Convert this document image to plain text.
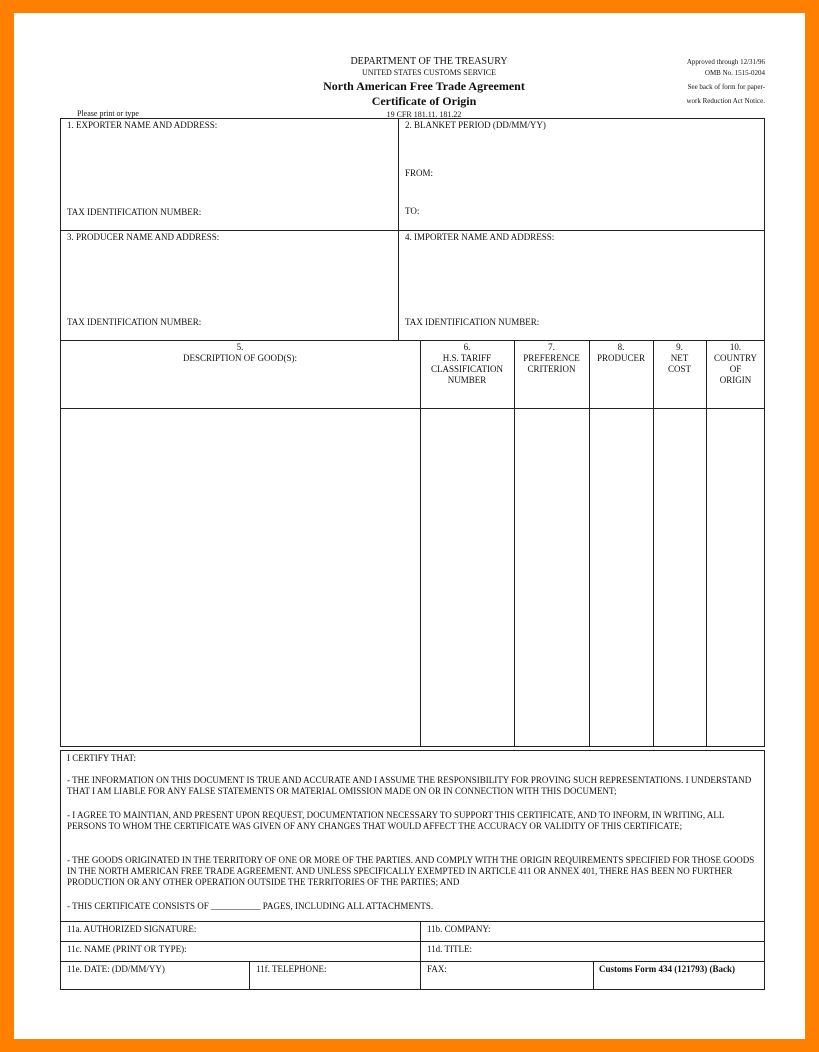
DEPARTMENT OF THE TREASURY
UNITED STATES CUSTOMS SERVICE
North American Free Trade Agreement
Certificate of Origin
19 CFR 181.11. 181.22
Please print or type
Approved through 12/31/96
OMB No. 1515-0204
See back of form for paper-
work Reduction Act Notice.
1. EXPORTER NAME AND ADDRESS:
TAX IDENTIFICATION NUMBER:
2. BLANKET PERIOD (DD/MM/YY)
FROM:
TO:
3. PRODUCER NAME AND ADDRESS:
TAX IDENTIFICATION NUMBER:
4. IMPORTER NAME AND ADDRESS:
TAX IDENTIFICATION NUMBER:
5.
DESCRIPTION OF GOOD(S):
6.
H.S. TARIFF
CLASSIFICATION
NUMBER
7.
PREFERENCE
CRITERION
8.
PRODUCER
9.
NET
COST
10.
COUNTRY
OF
ORIGIN
I CERTIFY THAT:
- THE INFORMATION ON THIS DOCUMENT IS TRUE AND ACCURATE AND I ASSUME THE RESPONSIBILITY FOR PROVING SUCH REPRESENTATIONS. I UNDERSTAND THAT I AM LIABLE FOR ANY FALSE STATEMENTS OR MATERIAL OMISSION MADE ON OR IN CONNECTION WITH THIS DOCUMENT;
- I AGREE TO MAINTIAN, AND PRESENT UPON REQUEST, DOCUMENTATION NECESSARY TO SUPPORT THIS CERTIFICATE, AND TO INFORM, IN WRITING, ALL PERSONS TO WHOM THE CERTIFICATE WAS GIVEN OF ANY CHANGES THAT WOULD AFFECT THE ACCURACY OR VALIDITY OF THIS CERTIFICATE;
- THE GOODS ORIGINATED IN THE TERRITORY OF ONE OR MORE OF THE PARTIES. AND COMPLY WITH THE ORIGIN REQUIREMENTS SPECIFIED FOR THOSE GOODS IN THE NORTH AMERICAN FREE TRADE AGREEMENT. AND UNLESS SPECIFICALLY EXEMPTED IN ARTICLE 411 OR ANNEX 401, THERE HAS BEEN NO FURTHER PRODUCTION OR ANY OTHER OPERATION OUTSIDE THE TERRITORIES OF THE PARTIES; AND
- THIS CERTIFICATE CONSISTS OF ___________ PAGES, INCLUDING ALL ATTACHMENTS.
11a. AUTHORIZED SIGNATURE:	11b. COMPANY:
11c. NAME (PRINT OR TYPE):	11d. TITLE:
11e. DATE: (DD/MM/YY)	11f. TELEPHONE:	FAX:	Customs Form 434 (121793) (Back)
